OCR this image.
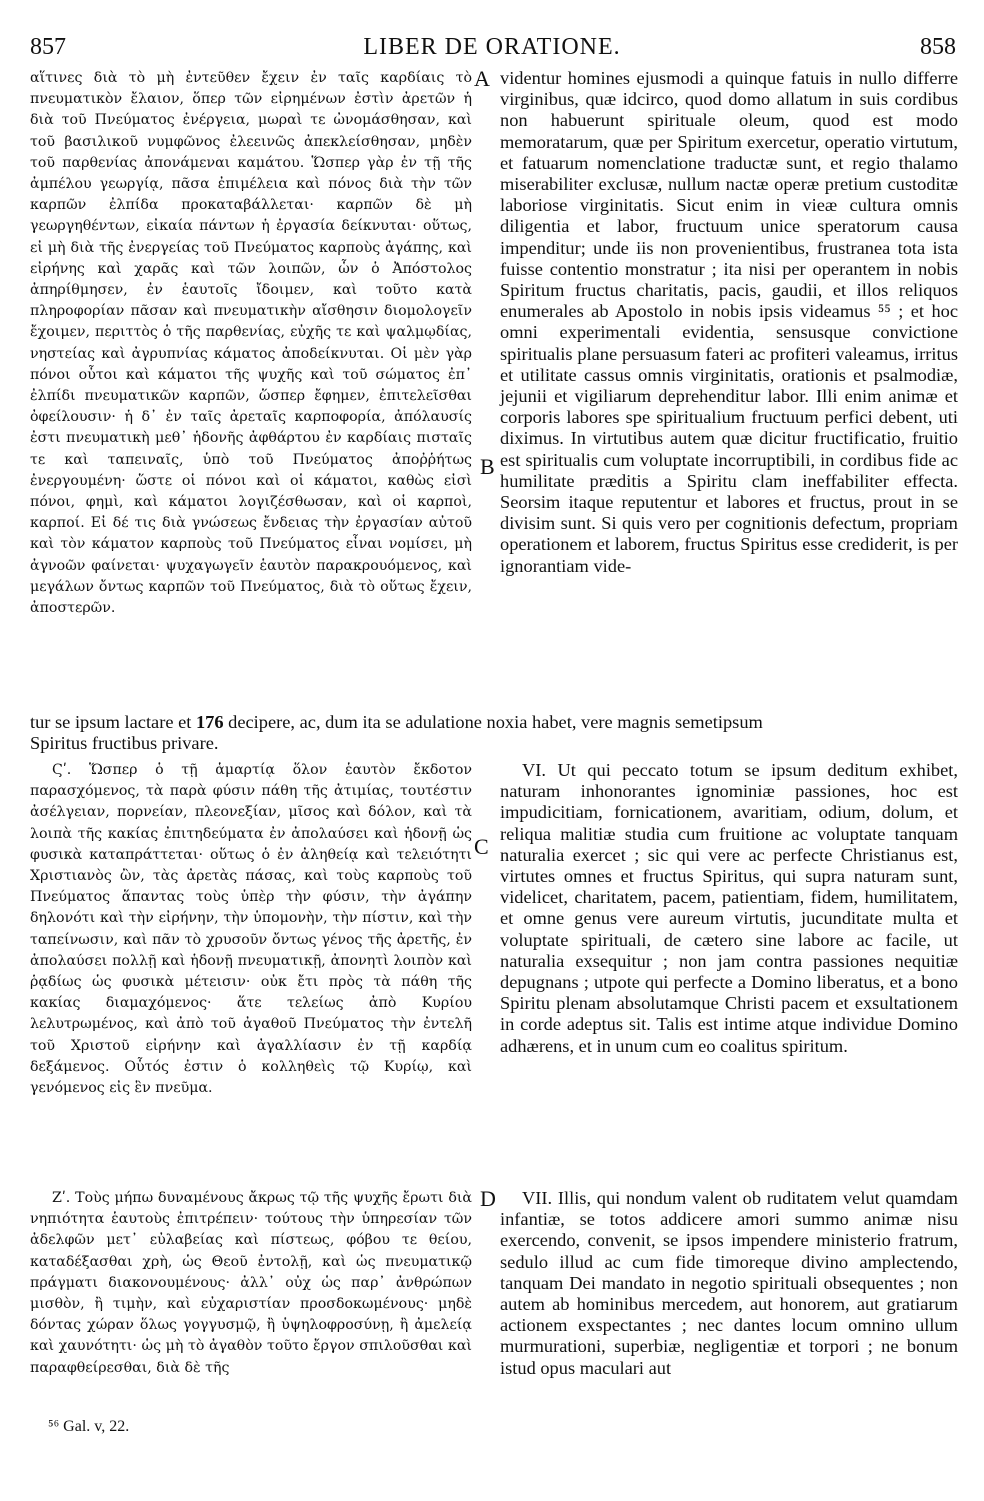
857	LIBER DE ORATIONE.	858
A
B
C
D

αἵτινες διὰ τὸ μὴ ἐντεῦθεν ἔχειν ἐν ταῖς καρδίαις τὸ πνευματικὸν ἔλαιον, ὅπερ τῶν εἰρημένων ἐστὶν ἀρετῶν ἡ διὰ τοῦ Πνεύματος ἐνέργεια, μωραὶ τε ὠνομάσθησαν, καὶ τοῦ βασιλικοῦ νυμφῶνος ἐλεεινῶς ἀπεκλείσθησαν, μηδὲν τοῦ παρθενίας ἀπονάμεναι καμάτου. Ὥσπερ γὰρ ἐν τῇ τῆς ἀμπέλου γεωργίᾳ, πᾶσα ἐπιμέλεια καὶ πόνος διὰ τὴν τῶν καρπῶν ἐλπίδα προκαταβάλλεται· καρπῶν δὲ μὴ γεωργηθέντων, εἰκαία πάντων ἡ ἐργασία δείκνυται· οὕτως, εἰ μὴ διὰ τῆς ἐνεργείας τοῦ Πνεύματος καρποὺς ἀγάπης, καὶ εἰρήνης καὶ χαρᾶς καὶ τῶν λοιπῶν, ὧν ὁ Ἀπόστολος ἀπηρίθμησεν, ἐν ἑαυτοῖς ἴδοιμεν, καὶ τοῦτο κατὰ πληροφορίαν πᾶσαν καὶ πνευματικὴν αἴσθησιν διομολογεῖν ἔχοιμεν, περιττὸς ὁ τῆς παρθενίας, εὐχῆς τε καὶ ψαλμῳδίας, νηστείας καὶ ἀγρυπνίας κάματος ἀποδείκνυται. Οἱ μὲν γὰρ πόνοι οὗτοι καὶ κάματοι τῆς ψυχῆς καὶ τοῦ σώματος ἐπ᾽ ἐλπίδι πνευματικῶν καρπῶν, ὥσπερ ἔφημεν, ἐπιτελεῖσθαι ὀφείλουσιν· ἡ δ᾽ ἐν ταῖς ἀρεταῖς καρποφορία, ἀπόλαυσίς ἐστι πνευματικὴ μεθ᾽ ἡδονῆς ἀφθάρτου ἐν καρδίαις πισταῖς τε καὶ ταπειναῖς, ὑπὸ τοῦ Πνεύματος ἀποῤῥήτως ἐνεργουμένη· ὥστε οἱ πόνοι καὶ οἱ κάματοι, καθὼς εἰσὶ πόνοι, φημὶ, καὶ κάματοι λογιζέσθωσαν, καὶ οἱ καρποὶ, καρποί. Εἰ δέ τις διὰ γνώσεως ἔνδειας τὴν ἐργασίαν αὐτοῦ καὶ τὸν κάματον καρποὺς τοῦ Πνεύματος εἶναι νομίσει, μὴ ἀγνοῶν φαίνεται· ψυχαγωγεῖν ἑαυτὸν παρακρουόμενος, καὶ μεγάλων ὄντως καρπῶν τοῦ Πνεύματος, διὰ τὸ οὕτως ἔχειν, ἀποστερῶν.

videntur homines ejusmodi a quinque fatuis in nullo differre virginibus, quæ idcirco, quod domo allatum in suis cordibus non habuerunt spirituale oleum, quod est modo memoratarum, quæ per Spiritum exercetur, operatio virtutum, et fatuarum nomenclatione traductæ sunt, et regio thalamo miserabiliter exclusæ, nullum nactæ operæ pretium custoditæ laboriose virginitatis. Sicut enim in vieæ cultura omnis diligentia et labor, fructuum unice speratorum causa impenditur; unde iis non provenientibus, frustranea tota ista fuisse contentio monstratur ; ita nisi per operantem in nobis Spiritum fructus charitatis, pacis, gaudii, et illos reliquos enumerales ab Apostolo in nobis ipsis videamus ⁵⁵ ; et hoc omni experimentali evidentia, sensusque convictione spiritualis plane persuasum fateri ac profiteri valeamus, irritus et utilitate cassus omnis virginitatis, orationis et psalmodiæ, jejunii et vigiliarum deprehenditur labor. Illi enim animæ et corporis labores spe spiritualium fructuum perfici debent, uti diximus. In virtutibus autem quæ dicitur fructificatio, fruitio est spiritualis cum voluptate incorruptibili, in cordibus fide ac humilitate præditis a Spiritu clam ineffabiliter effecta. Seorsim itaque reputentur et labores et fructus, prout in se divisim sunt. Si quis vero per cognitionis defectum, propriam operationem et laborem, fructus Spiritus esse crediderit, is per ignorantiam vide-

tur se ipsum lactare et 176 decipere, ac, dum ita se adulatione noxia habet, vere magnis semetipsum
Spiritus fructibus privare.

Ϛʹ. Ὥσπερ ὁ τῇ ἁμαρτίᾳ ὅλον ἑαυτὸν ἔκδοτον παρασχόμενος, τὰ παρὰ φύσιν πάθη τῆς ἀτιμίας, τουτέστιν ἀσέλγειαν, πορνείαν, πλεονεξίαν, μῖσος καὶ δόλον, καὶ τὰ λοιπὰ τῆς κακίας ἐπιτηδεύματα ἐν ἀπολαύσει καὶ ἡδονῇ ὡς φυσικὰ καταπράττεται· οὕτως ὁ ἐν ἀληθείᾳ καὶ τελειότητι Χριστιανὸς ὢν, τὰς ἀρετὰς πάσας, καὶ τοὺς καρποὺς τοῦ Πνεύματος ἅπαντας τοὺς ὑπὲρ τὴν φύσιν, τὴν ἀγάπην δηλονότι καὶ τὴν εἰρήνην, τὴν ὑπομονὴν, τὴν πίστιν, καὶ τὴν ταπείνωσιν, καὶ πᾶν τὸ χρυσοῦν ὄντως γένος τῆς ἀρετῆς, ἐν ἀπολαύσει πολλῇ καὶ ἡδονῇ πνευματικῇ, ἀπονητὶ λοιπὸν καὶ ῥᾳδίως ὡς φυσικὰ μέτεισιν· οὐκ ἔτι πρὸς τὰ πάθη τῆς κακίας διαμαχόμενος· ἅτε τελείως ἀπὸ Κυρίου λελυτρωμένος, καὶ ἀπὸ τοῦ ἀγαθοῦ Πνεύματος τὴν ἐντελῆ τοῦ Χριστοῦ εἰρήνην καὶ ἀγαλλίασιν ἐν τῇ καρδίᾳ δεξάμενος. Οὗτός ἐστιν ὁ κολληθεὶς τῷ Κυρίῳ, καὶ γενόμενος εἰς ἓν πνεῦμα.

VI. Ut qui peccato totum se ipsum deditum exhibet, naturam inhonorantes ignominiæ passiones, hoc est impudicitiam, fornicationem, avaritiam, odium, dolum, et reliqua malitiæ studia cum fruitione ac voluptate tanquam naturalia exercet ; sic qui vere ac perfecte Christianus est, virtutes omnes et fructus Spiritus, qui supra naturam sunt, videlicet, charitatem, pacem, patientiam, fidem, humilitatem, et omne genus vere aureum virtutis, jucunditate multa et voluptate spirituali, de cætero sine labore ac facile, ut naturalia exsequitur ; non jam contra passiones nequitiæ depugnans ; utpote qui perfecte a Domino liberatus, et a bono Spiritu plenam absolutamque Christi pacem et exsultationem in corde adeptus sit. Talis est intime atque individue Domino adhærens, et in unum cum eo coalitus spiritum.

Ζʹ. Τοὺς μήπω δυναμένους ἄκρως τῷ τῆς ψυχῆς ἔρωτι διὰ νηπιότητα ἑαυτοὺς ἐπιτρέπειν· τούτους τὴν ὑπηρεσίαν τῶν ἀδελφῶν μετ᾽ εὐλαβείας καὶ πίστεως, φόβου τε θείου, καταδέξασθαι χρὴ, ὡς Θεοῦ ἐντολῇ, καὶ ὡς πνευματικῷ πράγματι διακονουμένους· ἀλλ᾽ οὐχ ὡς παρ᾽ ἀνθρώπων μισθὸν, ἢ τιμὴν, καὶ εὐχαριστίαν προσδοκωμένους· μηδὲ δόντας χώραν ὅλως γογγυσμῷ, ἢ ὑψηλοφροσύνῃ, ἢ ἀμελείᾳ καὶ χαυνότητι· ὡς μὴ τὸ ἀγαθὸν τοῦτο ἔργον σπιλοῦσθαι καὶ παραφθείρεσθαι, διὰ δὲ τῆς

VII. Illis, qui nondum valent ob ruditatem velut quamdam infantiæ, se totos addicere amori summo animæ nisu exercendo, convenit, se ipsos impendere ministerio fratrum, sedulo illud ac cum fide timoreque divino amplectendo, tanquam Dei mandato in negotio spirituali obsequentes ; non autem ab hominibus mercedem, aut honorem, aut gratiarum actionem exspectantes ; nec dantes locum omnino ullum murmurationi, superbiæ, negligentiæ et torpori ; ne bonum istud opus maculari aut

⁵⁶ Gal. v, 22.
